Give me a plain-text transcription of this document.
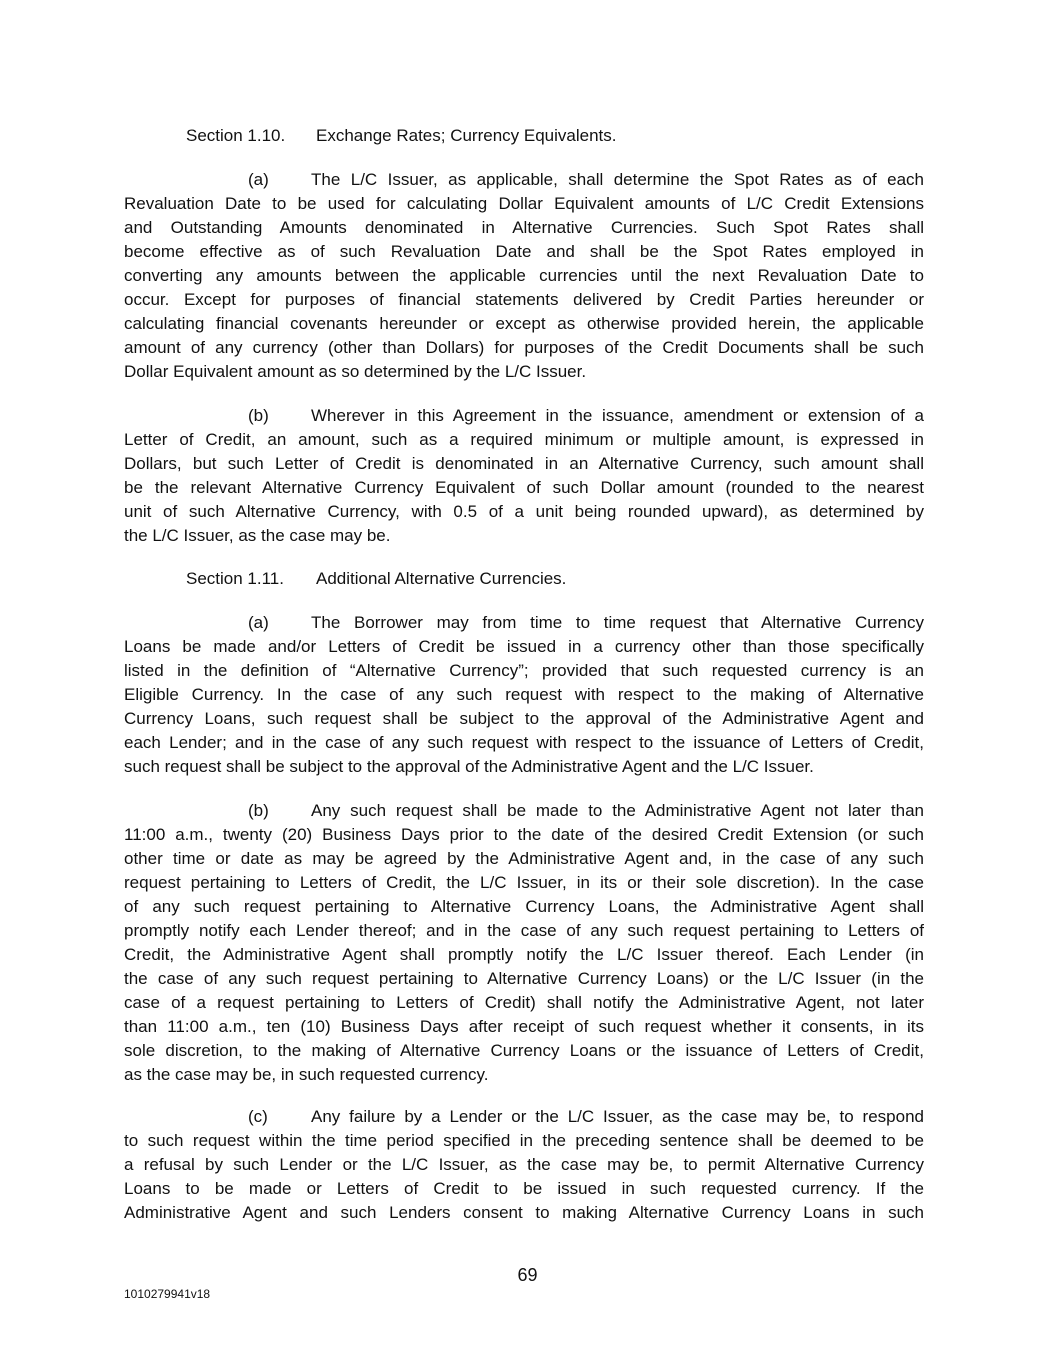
Section 1.10. Exchange Rates; Currency Equivalents.
(a) The L/C Issuer, as applicable, shall determine the Spot Rates as of each
Revaluation Date to be used for calculating Dollar Equivalent amounts of L/C Credit Extensions
and Outstanding Amounts denominated in Alternative Currencies. Such Spot Rates shall
become effective as of such Revaluation Date and shall be the Spot Rates employed in
converting any amounts between the applicable currencies until the next Revaluation Date to
occur. Except for purposes of financial statements delivered by Credit Parties hereunder or
calculating financial covenants hereunder or except as otherwise provided herein, the applicable
amount of any currency (other than Dollars) for purposes of the Credit Documents shall be such
Dollar Equivalent amount as so determined by the L/C Issuer.
(b) Wherever in this Agreement in the issuance, amendment or extension of a
Letter of Credit, an amount, such as a required minimum or multiple amount, is expressed in
Dollars, but such Letter of Credit is denominated in an Alternative Currency, such amount shall
be the relevant Alternative Currency Equivalent of such Dollar amount (rounded to the nearest
unit of such Alternative Currency, with 0.5 of a unit being rounded upward), as determined by
the L/C Issuer, as the case may be.
Section 1.11. Additional Alternative Currencies.
(a) The Borrower may from time to time request that Alternative Currency
Loans be made and/or Letters of Credit be issued in a currency other than those specifically
listed in the definition of “Alternative Currency”; provided that such requested currency is an
Eligible Currency. In the case of any such request with respect to the making of Alternative
Currency Loans, such request shall be subject to the approval of the Administrative Agent and
each Lender; and in the case of any such request with respect to the issuance of Letters of Credit,
such request shall be subject to the approval of the Administrative Agent and the L/C Issuer.
(b) Any such request shall be made to the Administrative Agent not later than
11:00 a.m., twenty (20) Business Days prior to the date of the desired Credit Extension (or such
other time or date as may be agreed by the Administrative Agent and, in the case of any such
request pertaining to Letters of Credit, the L/C Issuer, in its or their sole discretion). In the case
of any such request pertaining to Alternative Currency Loans, the Administrative Agent shall
promptly notify each Lender thereof; and in the case of any such request pertaining to Letters of
Credit, the Administrative Agent shall promptly notify the L/C Issuer thereof. Each Lender (in
the case of any such request pertaining to Alternative Currency Loans) or the L/C Issuer (in the
case of a request pertaining to Letters of Credit) shall notify the Administrative Agent, not later
than 11:00 a.m., ten (10) Business Days after receipt of such request whether it consents, in its
sole discretion, to the making of Alternative Currency Loans or the issuance of Letters of Credit,
as the case may be, in such requested currency.
(c)	Any failure by a Lender or the L/C Issuer, as the case may be, to respond
to such request within the time period specified in the preceding sentence shall be deemed to be
a refusal by such Lender or the L/C Issuer, as the case may be, to permit Alternative Currency
Loans to be made or Letters of Credit to be issued in such requested currency. If the
Administrative Agent and such Lenders consent to making Alternative Currency Loans in such
69
1010279941v18
